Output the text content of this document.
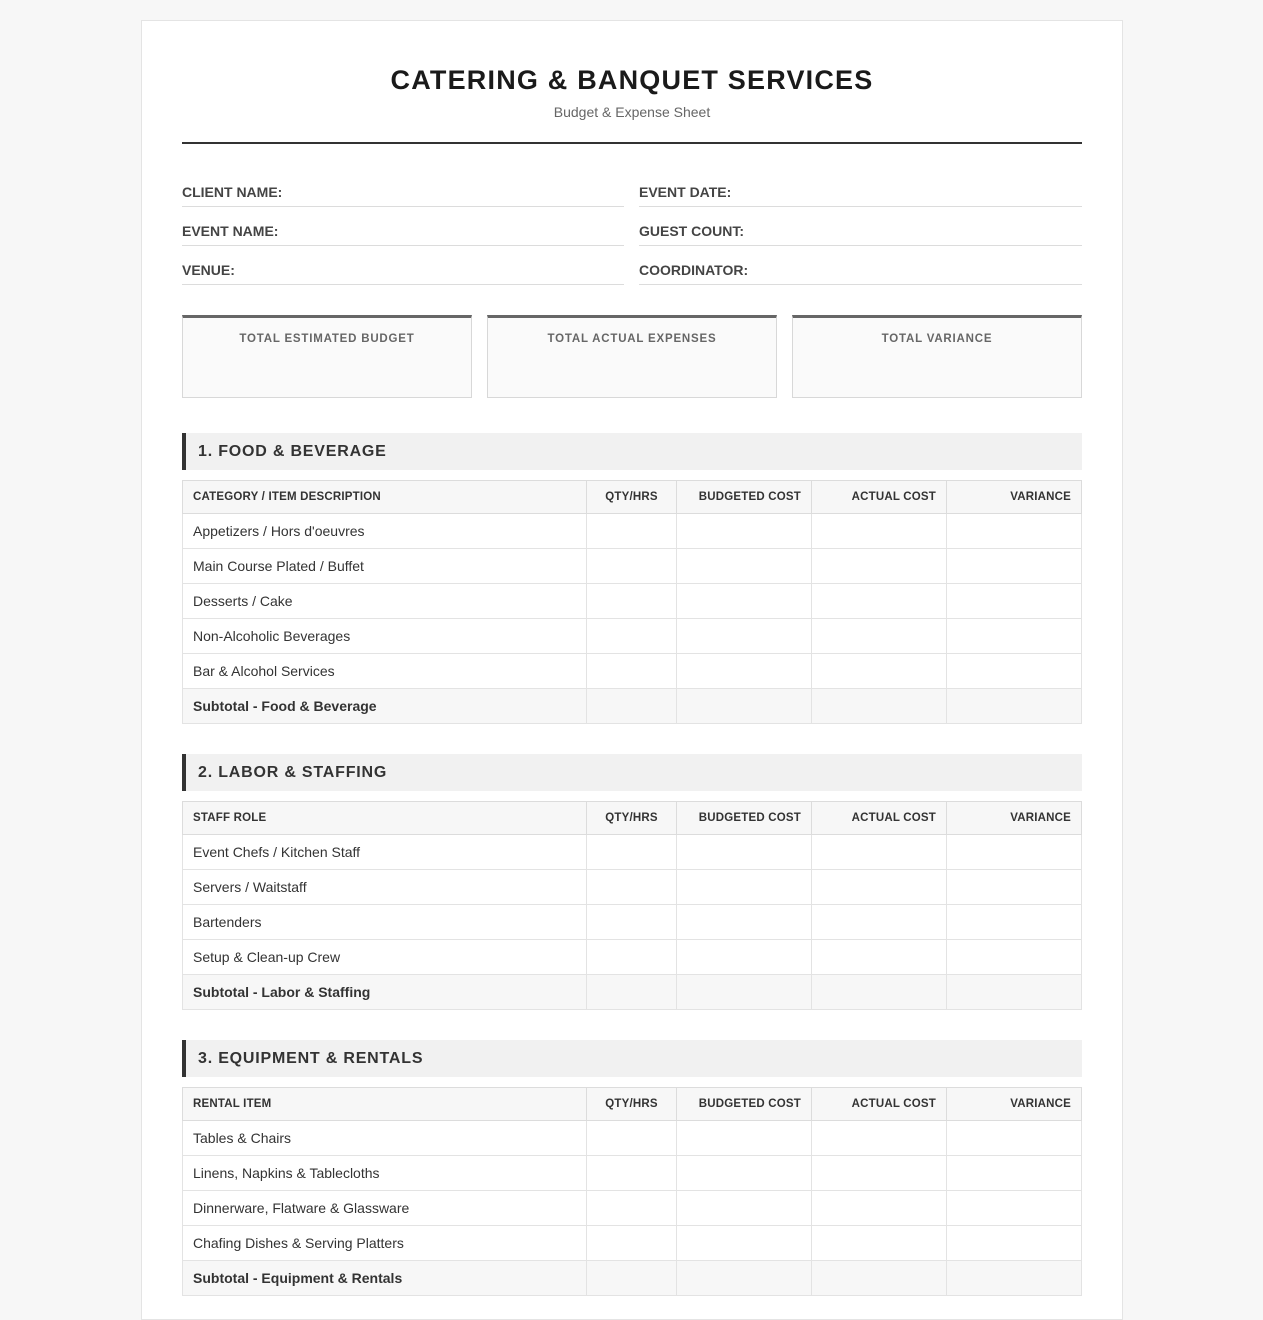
CATERING & BANQUET SERVICES
Budget & Expense Sheet
CLIENT NAME:	EVENT DATE:
EVENT NAME:	GUEST COUNT:
VENUE:	COORDINATOR:
TOTAL ESTIMATED BUDGET	TOTAL ACTUAL EXPENSES	TOTAL VARIANCE
1. FOOD & BEVERAGE
CATEGORY / ITEM DESCRIPTION	QTY/HRS	BUDGETED COST	ACTUAL COST	VARIANCE
Appetizers / Hors d'oeuvres				
Main Course Plated / Buffet				
Desserts / Cake				
Non-Alcoholic Beverages				
Bar & Alcohol Services				
Subtotal - Food & Beverage				
2. LABOR & STAFFING
STAFF ROLE	QTY/HRS	BUDGETED COST	ACTUAL COST	VARIANCE
Event Chefs / Kitchen Staff				
Servers / Waitstaff				
Bartenders				
Setup & Clean-up Crew				
Subtotal - Labor & Staffing				
3. EQUIPMENT & RENTALS
RENTAL ITEM	QTY/HRS	BUDGETED COST	ACTUAL COST	VARIANCE
Tables & Chairs				
Linens, Napkins & Tablecloths				
Dinnerware, Flatware & Glassware				
Chafing Dishes & Serving Platters				
Subtotal - Equipment & Rentals				
